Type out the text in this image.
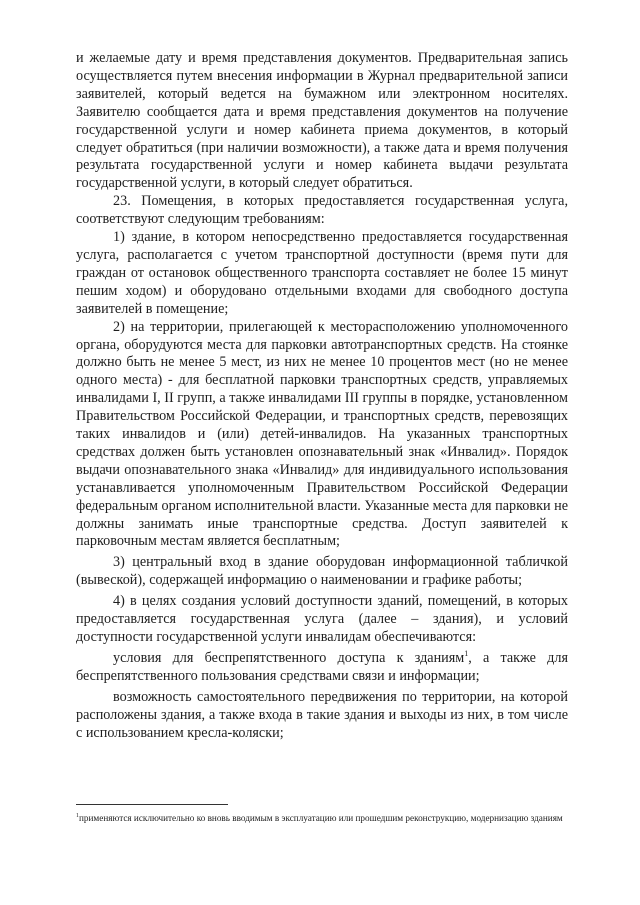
и желаемые дату и время представления документов. Предварительная запись осуществляется путем внесения информации в Журнал предварительной записи заявителей, который ведется на бумажном или электронном носителях. Заявителю сообщается дата и время представления документов на получение государственной услуги и номер кабинета приема документов, в который следует обратиться (при наличии возможности), а также дата и время получения результата государственной услуги и номер кабинета выдачи результата государственной услуги, в который следует обратиться.

23. Помещения, в которых предоставляется государственная услуга, соответствуют следующим требованиям:

1) здание, в котором непосредственно предоставляется государственная услуга, располагается с учетом транспортной доступности (время пути для граждан от остановок общественного транспорта составляет не более 15 минут пешим ходом) и оборудовано отдельными входами для свободного доступа заявителей в помещение;

2) на территории, прилегающей к месторасположению уполномоченного органа, оборудуются места для парковки автотранспортных средств. На стоянке должно быть не менее 5 мест, из них не менее 10 процентов мест (но не менее одного места) - для бесплатной парковки транспортных средств, управляемых инвалидами I, II групп, а также инвалидами III группы в порядке, установленном Правительством Российской Федерации, и транспортных средств, перевозящих таких инвалидов и (или) детей-инвалидов. На указанных транспортных средствах должен быть установлен опознавательный знак «Инвалид». Порядок выдачи опознавательного знака «Инвалид» для индивидуального использования устанавливается уполномоченным Правительством Российской Федерации федеральным органом исполнительной власти. Указанные места для парковки не должны занимать иные транспортные средства. Доступ заявителей к парковочным местам является бесплатным;

3) центральный вход в здание оборудован информационной табличкой (вывеской), содержащей информацию о наименовании и графике работы;

4) в целях создания условий доступности зданий, помещений, в которых предоставляется государственная услуга (далее – здания), и условий доступности государственной услуги инвалидам обеспечиваются:

условия для беспрепятственного доступа к зданиям$^1$, а также для беспрепятственного пользования средствами связи и информации;

возможность самостоятельного передвижения по территории, на которой расположены здания, а также входа в такие здания и выходы из них, в том числе с использованием кресла-коляски;

$^1$применяются исключительно ко вновь вводимым в эксплуатацию или прошедшим реконструкцию, модернизацию зданиям
